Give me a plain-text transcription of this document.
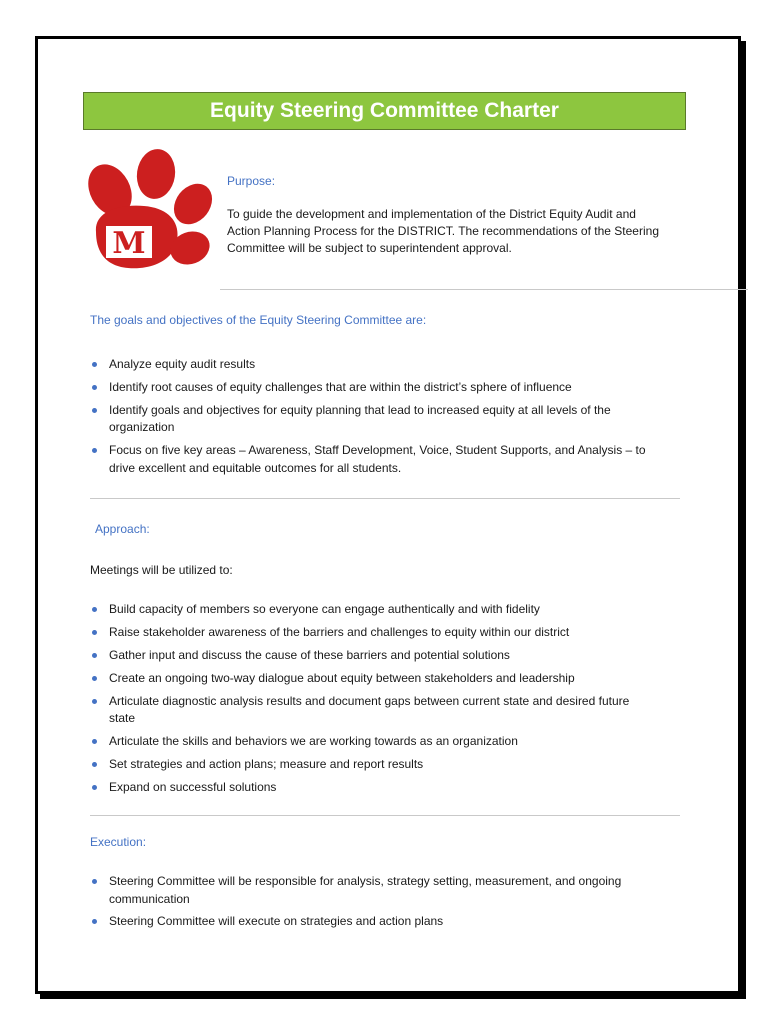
Equity Steering Committee Charter
M
Purpose:
To guide the development and implementation of the District Equity Audit and
Action Planning Process for the DISTRICT. The recommendations of the Steering
Committee will be subject to superintendent approval.
The goals and objectives of the Equity Steering Committee are:
Analyze equity audit results
Identify root causes of equity challenges that are within the district’s sphere of influence
Identify goals and objectives for equity planning that lead to increased equity at all levels of the
organization
Focus on five key areas – Awareness, Staff Development, Voice, Student Supports, and Analysis – to
drive excellent and equitable outcomes for all students.
Approach:
Meetings will be utilized to:
Build capacity of members so everyone can engage authentically and with fidelity
Raise stakeholder awareness of the barriers and challenges to equity within our district
Gather input and discuss the cause of these barriers and potential solutions
Create an ongoing two-way dialogue about equity between stakeholders and leadership
Articulate diagnostic analysis results and document gaps between current state and desired future
state
Articulate the skills and behaviors we are working towards as an organization
Set strategies and action plans; measure and report results
Expand on successful solutions
Execution:
Steering Committee will be responsible for analysis, strategy setting, measurement, and ongoing
communication
Steering Committee will execute on strategies and action plans
